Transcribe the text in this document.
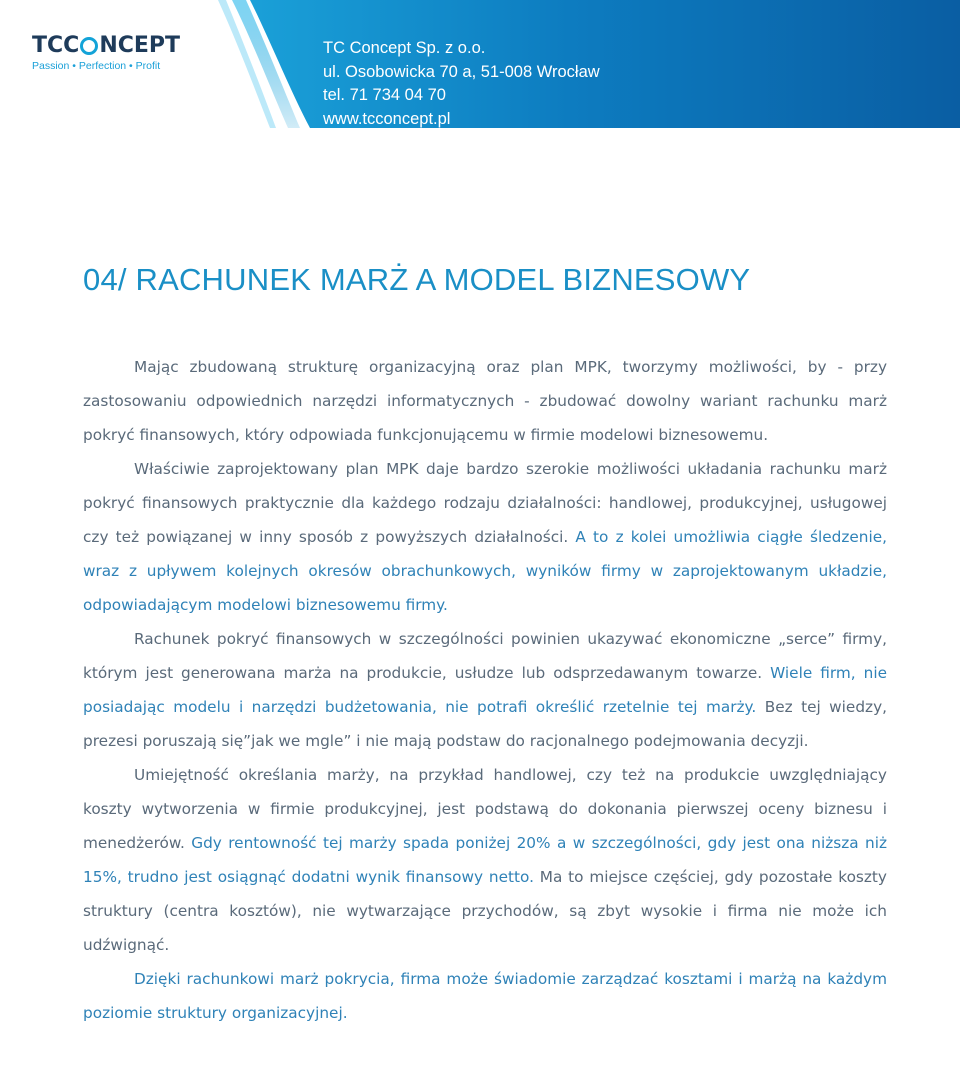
TCC NCEPT
Passion • Perfection • Profit
TC Concept Sp. z o.o.
ul. Osobowicka 70 a, 51-008 Wrocław
tel. 71 734 04 70
www.tcconcept.pl
04/ RACHUNEK MARŻ A MODEL BIZNESOWY

Mając zbudowaną strukturę organizacyjną oraz plan MPK, tworzymy możliwości, by - przy zastosowaniu odpowiednich narzędzi informatycznych - zbudować dowolny wariant rachunku marż pokryć finansowych, który odpowiada funkcjonującemu w firmie modelowi biznesowemu.

Właściwie zaprojektowany plan MPK daje bardzo szerokie możliwości układania rachunku marż pokryć finansowych praktycznie dla każdego rodzaju działalności: handlowej, produkcyjnej, usługowej czy też powiązanej w inny sposób z powyższych działalności. A to z kolei umożliwia ciągłe śledzenie, wraz z upływem kolejnych okresów obrachunkowych, wyników firmy w zaprojektowanym układzie, odpowiadającym modelowi biznesowemu firmy.

Rachunek pokryć finansowych w szczególności powinien ukazywać ekonomiczne „serce” firmy, którym jest generowana marża na produkcie, usłudze lub odsprzedawanym towarze. Wiele firm, nie posiadając modelu i narzędzi budżetowania, nie potrafi określić rzetelnie tej marży. Bez tej wiedzy, prezesi poruszają się”jak we mgle” i nie mają podstaw do racjonalnego podejmowania decyzji.

Umiejętność określania marży, na przykład handlowej, czy też na produkcie uwzględniający koszty wytworzenia w firmie produkcyjnej, jest podstawą do dokonania pierwszej oceny biznesu i menedżerów. Gdy rentowność tej marży spada poniżej 20% a w szczególności, gdy jest ona niższa niż 15%, trudno jest osiągnąć dodatni wynik finansowy netto. Ma to miejsce częściej, gdy pozostałe koszty struktury (centra kosztów), nie wytwarzające przychodów, są zbyt wysokie i firma nie może ich udźwignąć.

Dzięki rachunkowi marż pokrycia, firma może świadomie zarządzać kosztami i marżą na każdym poziomie struktury organizacyjnej.
